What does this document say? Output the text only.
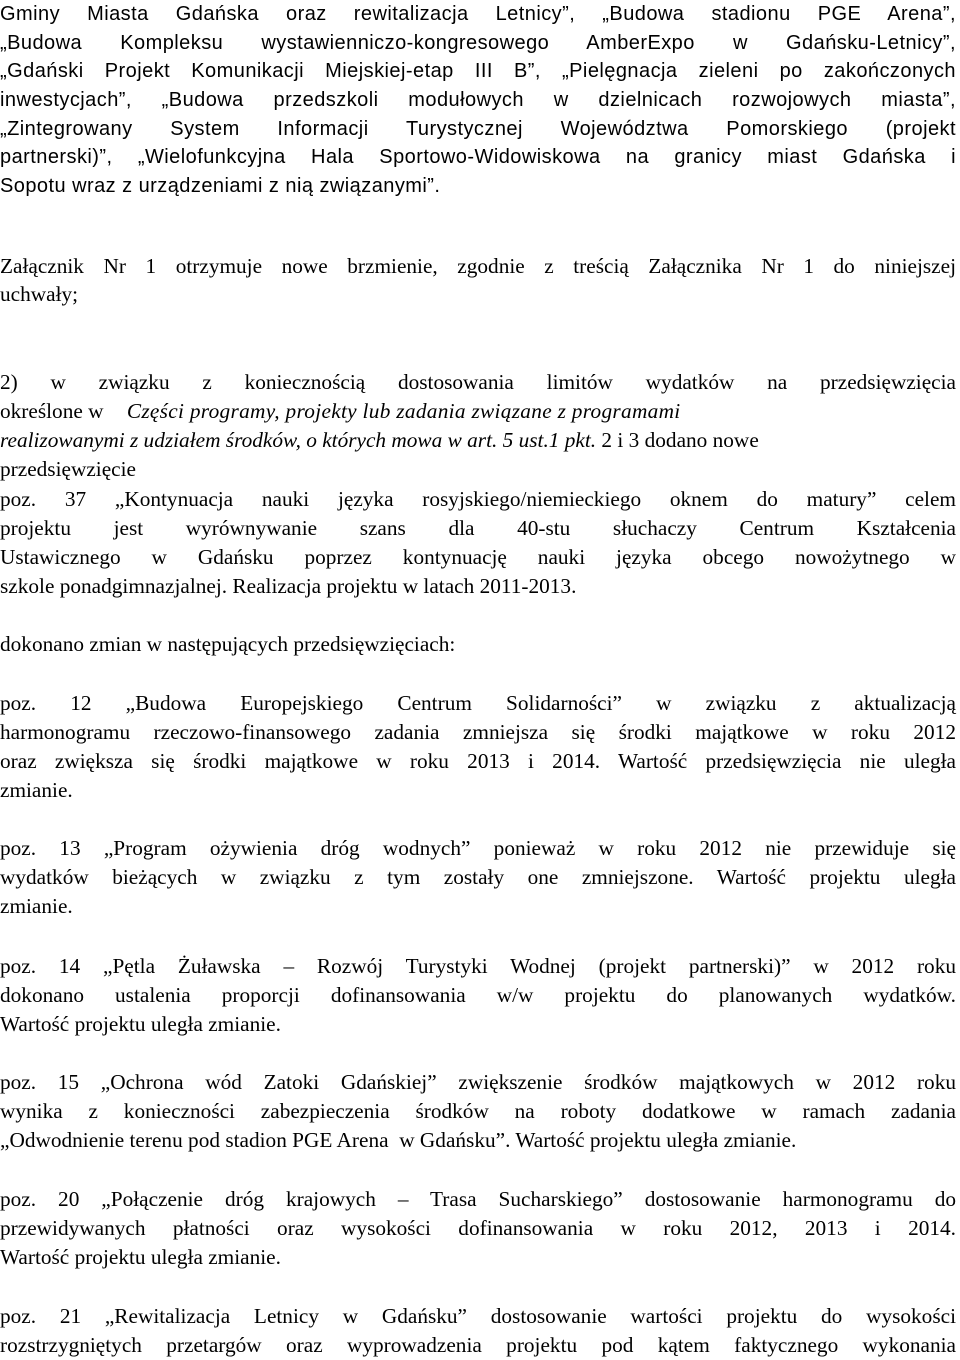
Gminy Miasta Gdańska oraz rewitalizacja Letnicy”, „Budowa stadionu PGE Arena”,
„Budowa Kompleksu wystawienniczo-kongresowego AmberExpo w Gdańsku-Letnicy”,
„Gdański Projekt Komunikacji Miejskiej-etap III B”, „Pielęgnacja zieleni po zakończonych
inwestycjach”, „Budowa przedszkoli modułowych w dzielnicach rozwojowych miasta”,
„Zintegrowany System Informacji Turystycznej Województwa Pomorskiego (projekt
partnerski)”, „Wielofunkcyjna Hala Sportowo-Widowiskowa na granicy miast Gdańska i
Sopotu wraz z urządzeniami z nią związanymi”.
Załącznik Nr 1 otrzymuje nowe brzmienie, zgodnie z treścią Załącznika Nr 1 do niniejszej
uchwały;
2) w związku z koniecznością dostosowania limitów wydatków na przedsięwzięcia
określone w Części programy, projekty lub zadania związane z programami
realizowanymi z udziałem środków, o których mowa w art. 5 ust.1 pkt. 2 i 3 dodano nowe
przedsięwzięcie
poz. 37 „Kontynuacja nauki języka rosyjskiego/niemieckiego oknem do matury” celem
projektu jest wyrównywanie szans dla 40-stu słuchaczy Centrum Kształcenia
Ustawicznego w Gdańsku poprzez kontynuację nauki języka obcego nowożytnego w
szkole ponadgimnazjalnej. Realizacja projektu w latach 2011-2013.
dokonano zmian w następujących przedsięwzięciach:
poz. 12 „Budowa Europejskiego Centrum Solidarności” w związku z aktualizacją
harmonogramu rzeczowo-finansowego zadania zmniejsza się środki majątkowe w roku 2012
oraz zwiększa się środki majątkowe w roku 2013 i 2014. Wartość przedsięwzięcia nie uległa
zmianie.
poz. 13 „Program ożywienia dróg wodnych” ponieważ w roku 2012 nie przewiduje się
wydatków bieżących w związku z tym zostały one zmniejszone. Wartość projektu uległa
zmianie.
poz. 14 „Pętla Żuławska – Rozwój Turystyki Wodnej (projekt partnerski)” w 2012 roku
dokonano ustalenia proporcji dofinansowania w/w projektu do planowanych wydatków.
Wartość projektu uległa zmianie.
poz. 15 „Ochrona wód Zatoki Gdańskiej” zwiększenie środków majątkowych w 2012 roku
wynika z konieczności zabezpieczenia środków na roboty dodatkowe w ramach zadania
„Odwodnienie terenu pod stadion PGE Arena  w Gdańsku”. Wartość projektu uległa zmianie.
poz. 20 „Połączenie dróg krajowych – Trasa Sucharskiego” dostosowanie harmonogramu do
przewidywanych płatności oraz wysokości dofinansowania w roku 2012, 2013 i 2014.
Wartość projektu uległa zmianie.
poz. 21 „Rewitalizacja Letnicy w Gdańsku” dostosowanie wartości projektu do wysokości
rozstrzygniętych przetargów oraz wyprowadzenia projektu pod kątem faktycznego wykonania
